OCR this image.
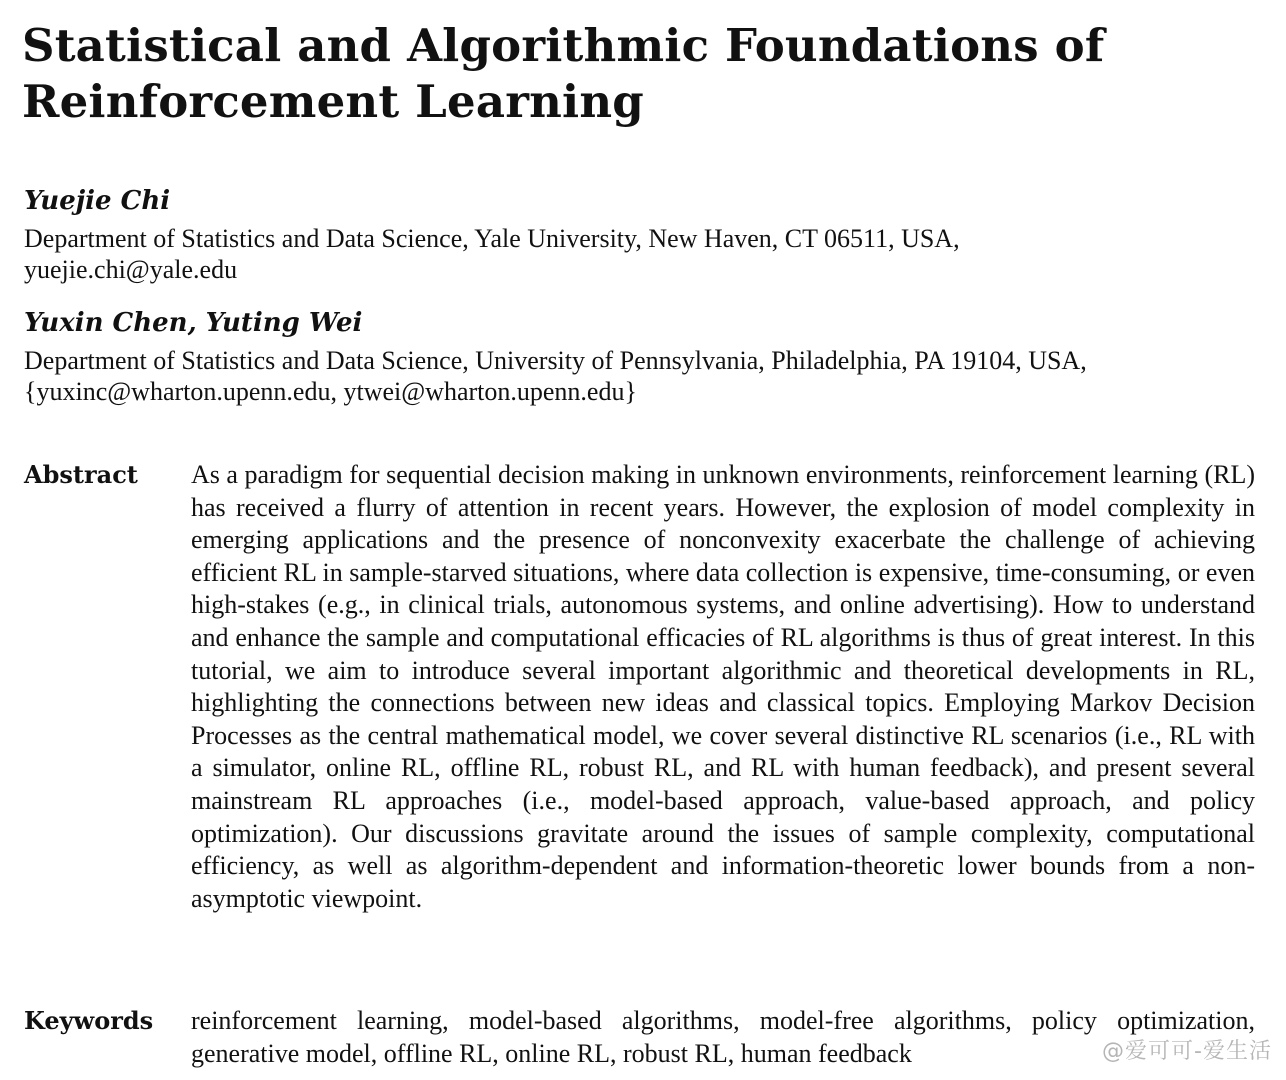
Statistical and Algorithmic Foundations of Reinforcement Learning
Yuejie Chi
Department of Statistics and Data Science, Yale University, New Haven, CT 06511, USA, yuejie.chi@yale.edu
Yuxin Chen, Yuting Wei
Department of Statistics and Data Science, University of Pennsylvania, Philadelphia, PA 19104, USA, {yuxinc@wharton.upenn.edu, ytwei@wharton.upenn.edu}
Abstract As a paradigm for sequential decision making in unknown environments, reinforcement learning (RL) has received a flurry of attention in recent years. However, the explosion of model complexity in emerging applications and the presence of nonconvexity exacerbate the challenge of achieving efficient RL in sample-starved situations, where data collection is expensive, time-consuming, or even high-stakes (e.g., in clinical trials, autonomous systems, and online advertising). How to understand and enhance the sample and computational efficacies of RL algorithms is thus of great interest. In this tutorial, we aim to introduce several important algorithmic and theoretical developments in RL, highlighting the connections between new ideas and classical topics. Employing Markov Decision Processes as the central mathematical model, we cover several distinctive RL scenarios (i.e., RL with a simulator, online RL, offline RL, robust RL, and RL with human feedback), and present several mainstream RL approaches (i.e., model-based approach, value-based approach, and policy optimization). Our discussions gravitate around the issues of sample complexity, computational efficiency, as well as algorithm-dependent and information-theoretic lower bounds from a non-asymptotic viewpoint.
Keywords reinforcement learning, model-based algorithms, model-free algorithms, policy optimization, generative model, offline RL, online RL, robust RL, human feedback	@爱可可-爱生活
